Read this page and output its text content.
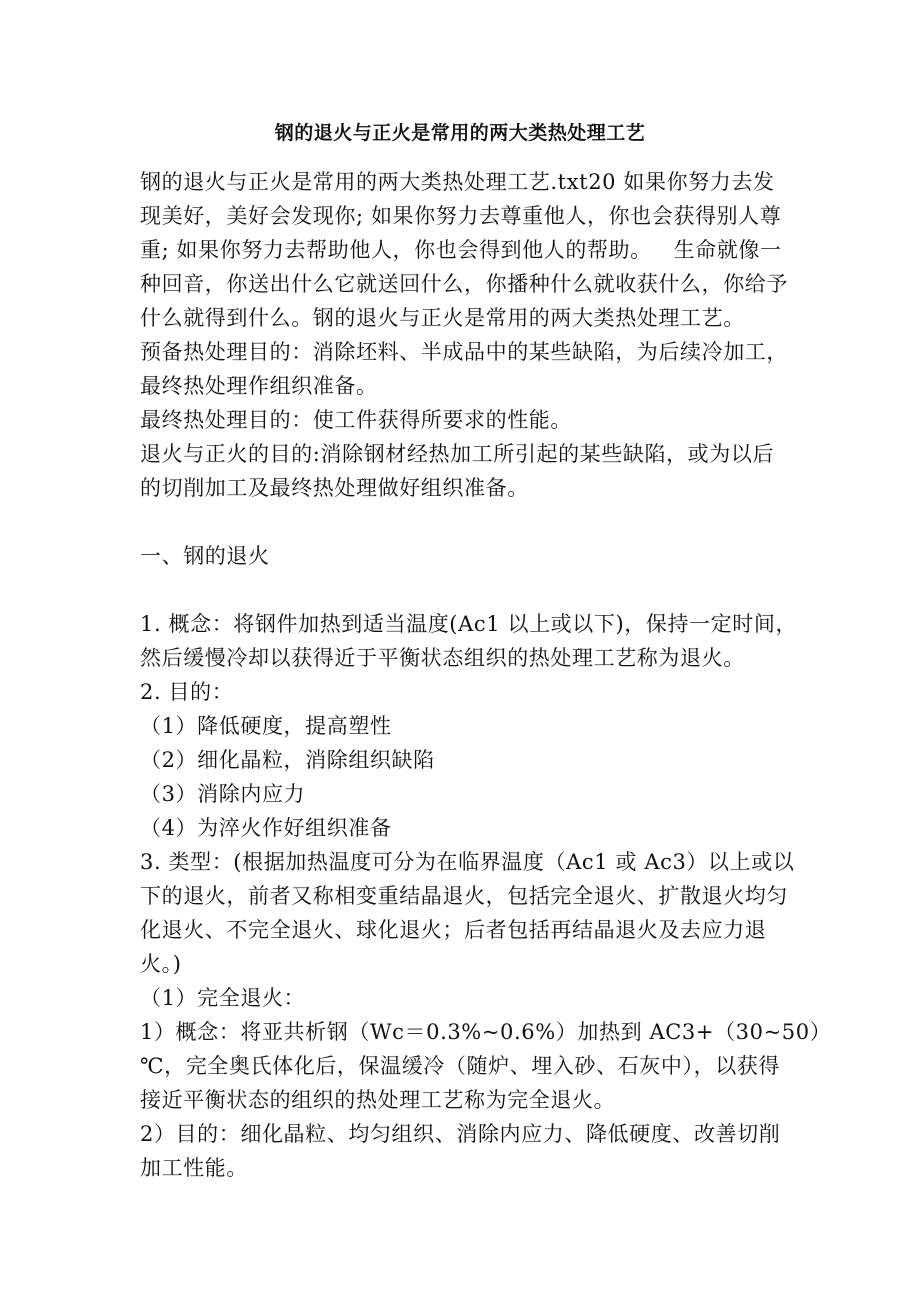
钢的退火与正火是常用的两大类热处理工艺
钢的退火与正火是常用的两大类热处理工艺.txt20 如果你努力去发
现美好，美好会发现你; 如果你努力去尊重他人，你也会获得别人尊
重; 如果你努力去帮助他人，你也会得到他人的帮助。   生命就像一
种回音，你送出什么它就送回什么，你播种什么就收获什么，你给予
什么就得到什么。钢的退火与正火是常用的两大类热处理工艺。
预备热处理目的：消除坯料、半成品中的某些缺陷，为后续冷加工，
最终热处理作组织准备。
最终热处理目的：使工件获得所要求的性能。
退火与正火的目的:消除钢材经热加工所引起的某些缺陷，或为以后
的切削加工及最终热处理做好组织准备。
一、钢的退火
1. 概念：将钢件加热到适当温度(Ac1 以上或以下)，保持一定时间，
然后缓慢冷却以获得近于平衡状态组织的热处理工艺称为退火。
2. 目的：
（1）降低硬度，提高塑性
（2）细化晶粒，消除组织缺陷
（3）消除内应力
（4）为淬火作好组织准备
3. 类型：(根据加热温度可分为在临界温度（Ac1 或 Ac3）以上或以
下的退火，前者又称相变重结晶退火，包括完全退火、扩散退火均匀
化退火、不完全退火、球化退火；后者包括再结晶退火及去应力退
火。)
（1）完全退火：
1）概念：将亚共析钢（Wc＝0.3%~0.6%）加热到 AC3+（30~50）
℃，完全奥氏体化后，保温缓冷（随炉、埋入砂、石灰中），以获得
接近平衡状态的组织的热处理工艺称为完全退火。
2）目的：细化晶粒、均匀组织、消除内应力、降低硬度、改善切削
加工性能。
